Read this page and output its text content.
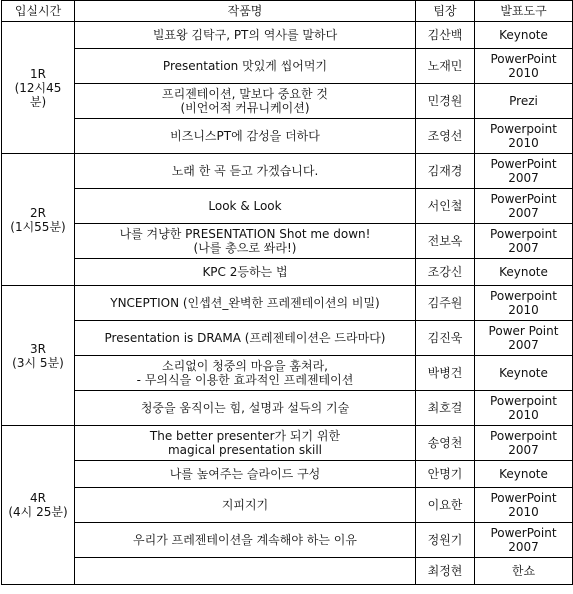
입실시간	작품명	팀장	발표도구

1R
(12시45
분)	빌표왕 김탁구, PT의 역사를 말하다	김산백	Keynote

	Presentation 맛있게 씹어먹기	노재민	PowerPoint
2010

	프리젠테이션, 말보다 중요한 것
(비언어적 커뮤니케이션)	민경원	Prezi

	비즈니스PT에 감성을 더하다	조영선	Powerpoint
2010

2R
(1시55분)	노래 한 곡 듣고 가겠습니다.	김재경	PowerPoint
2007

	Look & Look	서인철	PowerPoint
2007

	나를 겨냥한 PRESENTATION Shot me down!
(나를 총으로 쏴라!)	전보옥	Powerpoint
2007

	KPC 2등하는 법	조강신	Keynote

3R
(3시 5분)	YNCEPTION (인셉션_완벽한 프레젠테이션의 비밀)	김주원	Powerpoint
2010

	Presentation is DRAMA (프레젠테이션은 드라마다)	김진욱	Power Point
2007

	소리없이 청중의 마음을 훔쳐라,
- 무의식을 이용한 효과적인 프레젠테이션	박병건	Keynote

	청중을 움직이는 힘, 설명과 설득의 기술	최호걸	Powerpoint
2010

4R
(4시 25분)	The better presenter가 되기 위한
magical presentation skill	송영천	Powerpoint
2007

	나를 높여주는 슬라이드 구성	안명기	Keynote

	지피지기	이요한	PowerPoint
2010

	우리가 프레젠테이션을 계속해야 하는 이유	정원기	PowerPoint
2007

		최정현	한쇼
